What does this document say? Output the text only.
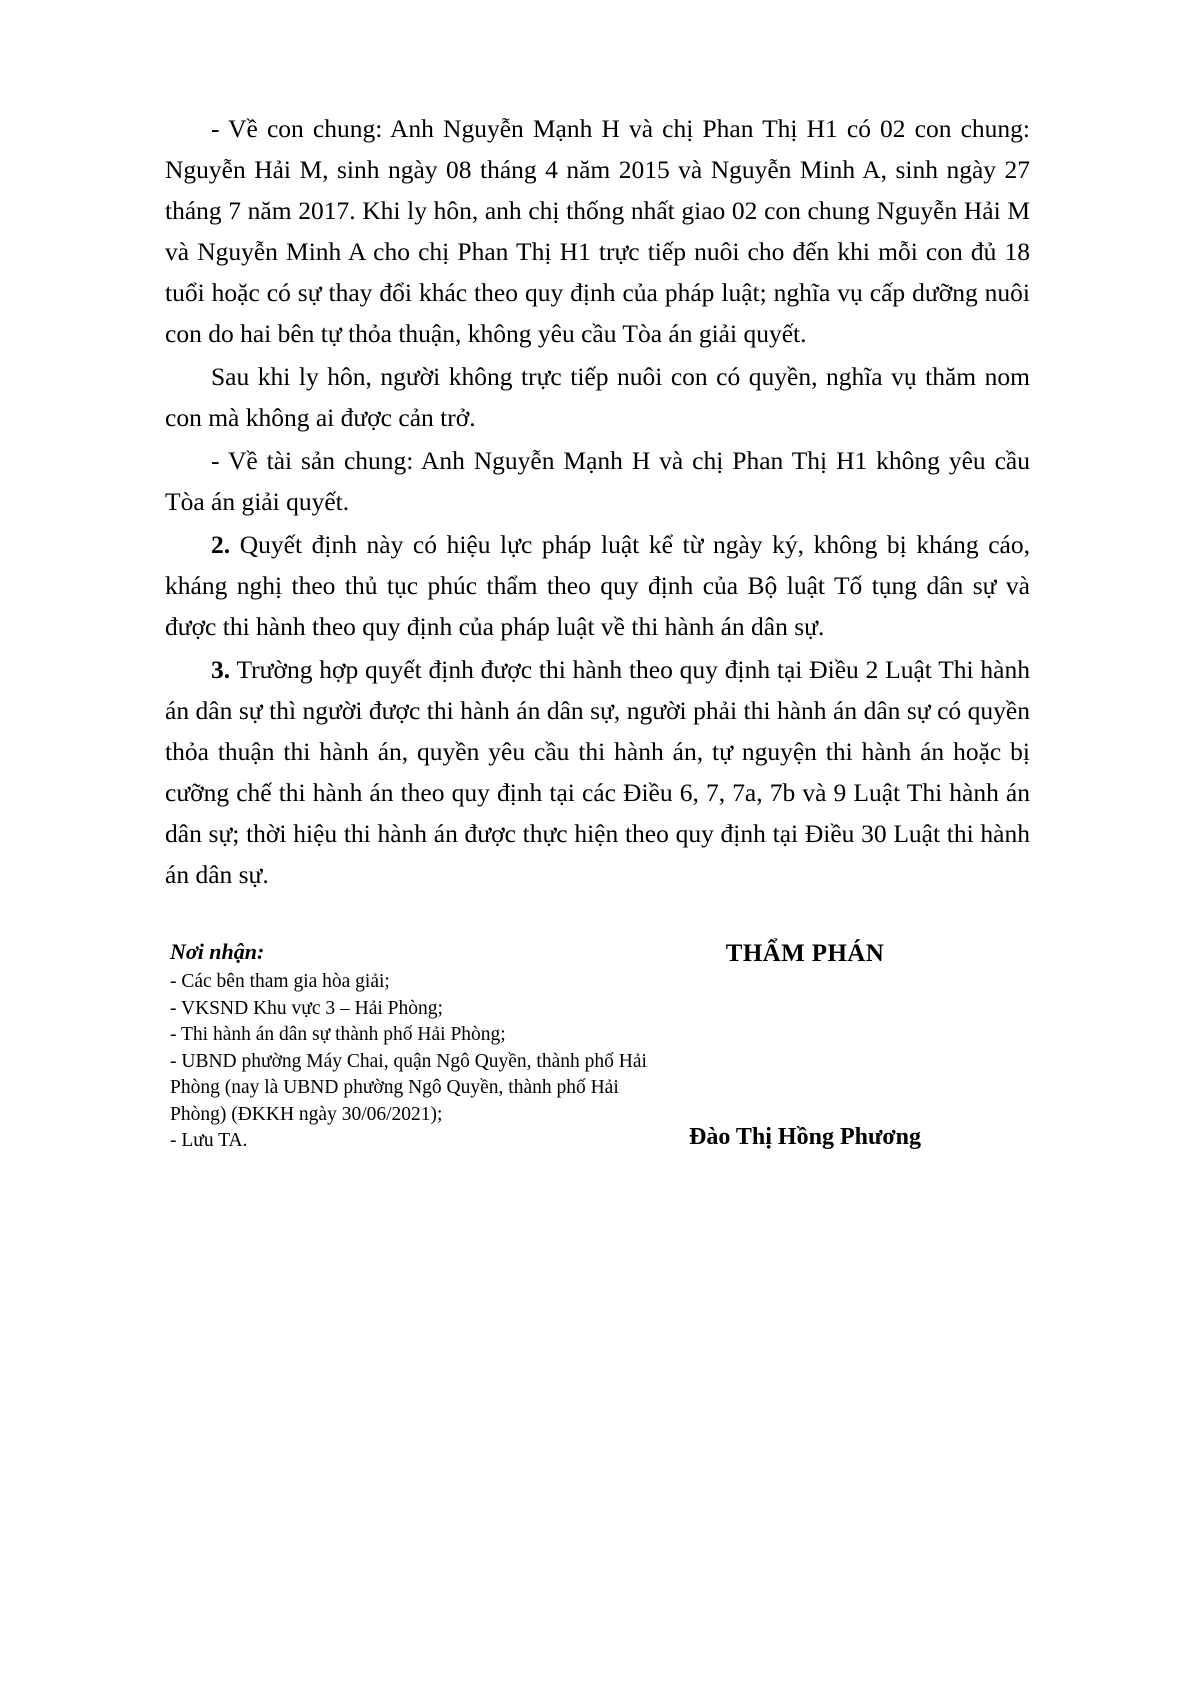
- Về con chung: Anh Nguyễn Mạnh H và chị Phan Thị H1 có 02 con chung: Nguyễn Hải M, sinh ngày 08 tháng 4 năm 2015 và Nguyễn Minh A, sinh ngày 27 tháng 7 năm 2017. Khi ly hôn, anh chị thống nhất giao 02 con chung Nguyễn Hải M và Nguyễn Minh A cho chị Phan Thị H1 trực tiếp nuôi cho đến khi mỗi con đủ 18 tuổi hoặc có sự thay đổi khác theo quy định của pháp luật; nghĩa vụ cấp dưỡng nuôi con do hai bên tự thỏa thuận, không yêu cầu Tòa án giải quyết.

Sau khi ly hôn, người không trực tiếp nuôi con có quyền, nghĩa vụ thăm nom con mà không ai được cản trở.

- Về tài sản chung: Anh Nguyễn Mạnh H và chị Phan Thị H1 không yêu cầu Tòa án giải quyết.

2. Quyết định này có hiệu lực pháp luật kể từ ngày ký, không bị kháng cáo, kháng nghị theo thủ tục phúc thẩm theo quy định của Bộ luật Tố tụng dân sự và được thi hành theo quy định của pháp luật về thi hành án dân sự.

3. Trường hợp quyết định được thi hành theo quy định tại Điều 2 Luật Thi hành án dân sự thì người được thi hành án dân sự, người phải thi hành án dân sự có quyền thỏa thuận thi hành án, quyền yêu cầu thi hành án, tự nguyện thi hành án hoặc bị cưỡng chế thi hành án theo quy định tại các Điều 6, 7, 7a, 7b và 9 Luật Thi hành án dân sự; thời hiệu thi hành án được thực hiện theo quy định tại Điều 30 Luật thi hành án dân sự.

Nơi nhận:
- Các bên tham gia hòa giải;
- VKSND Khu vực 3 – Hải Phòng;
- Thi hành án dân sự thành phố Hải Phòng;
- UBND phường Máy Chai, quận Ngô Quyền, thành phố Hải Phòng (nay là UBND phường Ngô Quyền, thành phố Hải Phòng) (ĐKKH ngày 30/06/2021);
- Lưu TA.
THẨM PHÁN
Đào Thị Hồng Phương
